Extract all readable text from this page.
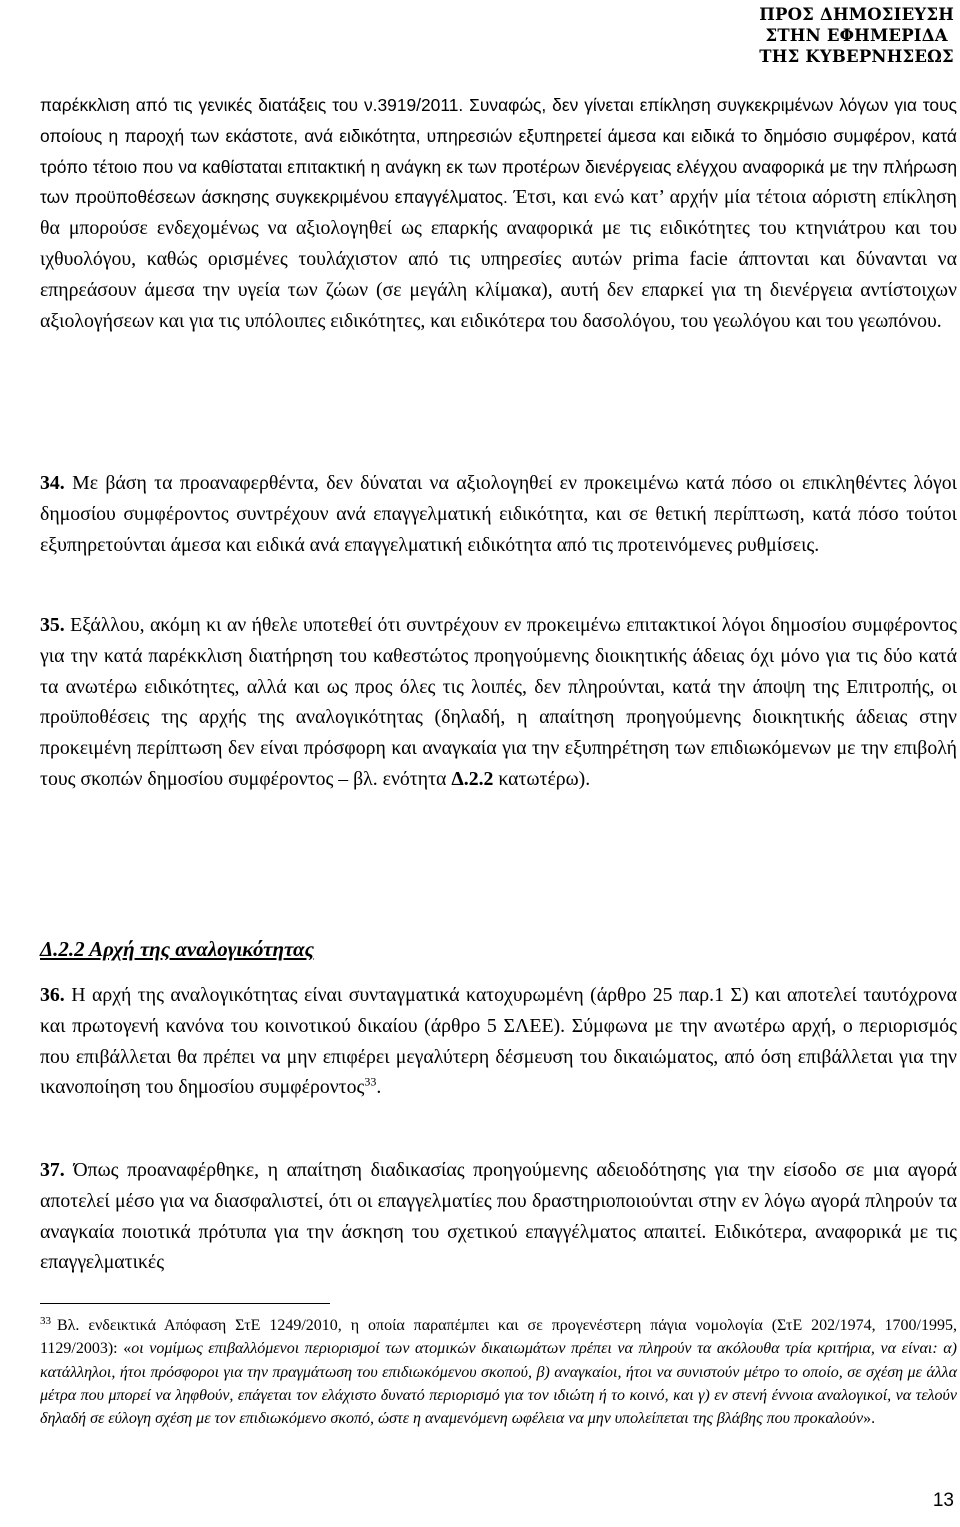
ΠΡΟΣ ΔΗΜΟΣΙΕΥΣΗ
ΣΤΗΝ ΕΦΗΜΕΡΙΔΑ
ΤΗΣ ΚΥΒΕΡΝΗΣΕΩΣ
παρέκκλιση από τις γενικές διατάξεις του ν.3919/2011. Συναφώς, δεν γίνεται επίκληση συγκεκριμένων λόγων για τους οποίους η παροχή των εκάστοτε, ανά ειδικότητα, υπηρεσιών εξυπηρετεί άμεσα και ειδικά το δημόσιο συμφέρον, κατά τρόπο τέτοιο που να καθίσταται επιτακτική η ανάγκη εκ των προτέρων διενέργειας ελέγχου αναφορικά με την πλήρωση των προϋποθέσεων άσκησης συγκεκριμένου επαγγέλματος. Έτσι, και ενώ κατ’ αρχήν μία τέτοια αόριστη επίκληση θα μπορούσε ενδεχομένως να αξιολογηθεί ως επαρκής αναφορικά με τις ειδικότητες του κτηνιάτρου και του ιχθυολόγου, καθώς ορισμένες τουλάχιστον από τις υπηρεσίες αυτών prima facie άπτονται και δύνανται να επηρεάσουν άμεσα την υγεία των ζώων (σε μεγάλη κλίμακα), αυτή δεν επαρκεί για τη διενέργεια αντίστοιχων αξιολογήσεων και για τις υπόλοιπες ειδικότητες, και ειδικότερα του δασολόγου, του γεωλόγου και του γεωπόνου.
34. Με βάση τα προαναφερθέντα, δεν δύναται να αξιολογηθεί εν προκειμένω κατά πόσο οι επικληθέντες λόγοι δημοσίου συμφέροντος συντρέχουν ανά επαγγελματική ειδικότητα, και σε θετική περίπτωση, κατά πόσο τούτοι εξυπηρετούνται άμεσα και ειδικά ανά επαγγελματική ειδικότητα από τις προτεινόμενες ρυθμίσεις.
35. Εξάλλου, ακόμη κι αν ήθελε υποτεθεί ότι συντρέχουν εν προκειμένω επιτακτικοί λόγοι δημοσίου συμφέροντος για την κατά παρέκκλιση διατήρηση του καθεστώτος προηγούμενης διοικητικής άδειας όχι μόνο για τις δύο κατά τα ανωτέρω ειδικότητες, αλλά και ως προς όλες τις λοιπές, δεν πληρούνται, κατά την άποψη της Επιτροπής, οι προϋποθέσεις της αρχής της αναλογικότητας (δηλαδή, η απαίτηση προηγούμενης διοικητικής άδειας στην προκειμένη περίπτωση δεν είναι πρόσφορη και αναγκαία για την εξυπηρέτηση των επιδιωκόμενων με την επιβολή τους σκοπών δημοσίου συμφέροντος – βλ. ενότητα Δ.2.2 κατωτέρω).
Δ.2.2 Αρχή της αναλογικότητας
36. Η αρχή της αναλογικότητας είναι συνταγματικά κατοχυρωμένη (άρθρο 25 παρ.1 Σ) και αποτελεί ταυτόχρονα και πρωτογενή κανόνα του κοινοτικού δικαίου (άρθρο 5 ΣΛΕΕ). Σύμφωνα με την ανωτέρω αρχή, ο περιορισμός που επιβάλλεται θα πρέπει να μην επιφέρει μεγαλύτερη δέσμευση του δικαιώματος, από όση επιβάλλεται για την ικανοποίηση του δημοσίου συμφέροντος$^{33}$.
37. Όπως προαναφέρθηκε, η απαίτηση διαδικασίας προηγούμενης αδειοδότησης για την είσοδο σε μια αγορά αποτελεί μέσο για να διασφαλιστεί, ότι οι επαγγελματίες που δραστηριοποιούνται στην εν λόγω αγορά πληρούν τα αναγκαία ποιοτικά πρότυπα για την άσκηση του σχετικού επαγγέλματος απαιτεί. Ειδικότερα, αναφορικά με τις επαγγελματικές
$^{33}$ Βλ. ενδεικτικά Απόφαση ΣτΕ 1249/2010, η οποία παραπέμπει και σε προγενέστερη πάγια νομολογία (ΣτΕ 202/1974, 1700/1995, 1129/2003): «οι νομίμως επιβαλλόμενοι περιορισμοί των ατομικών δικαιωμάτων πρέπει να πληρούν τα ακόλουθα τρία κριτήρια, να είναι: α) κατάλληλοι, ήτοι πρόσφοροι για την πραγμάτωση του επιδιωκόμενου σκοπού, β) αναγκαίοι, ήτοι να συνιστούν μέτρο το οποίο, σε σχέση με άλλα μέτρα που μπορεί να ληφθούν, επάγεται τον ελάχιστο δυνατό περιορισμό για τον ιδιώτη ή το κοινό, και γ) εν στενή έννοια αναλογικοί, να τελούν δηλαδή σε εύλογη σχέση με τον επιδιωκόμενο σκοπό, ώστε η αναμενόμενη ωφέλεια να μην υπολείπεται της βλάβης που προκαλούν».
13
